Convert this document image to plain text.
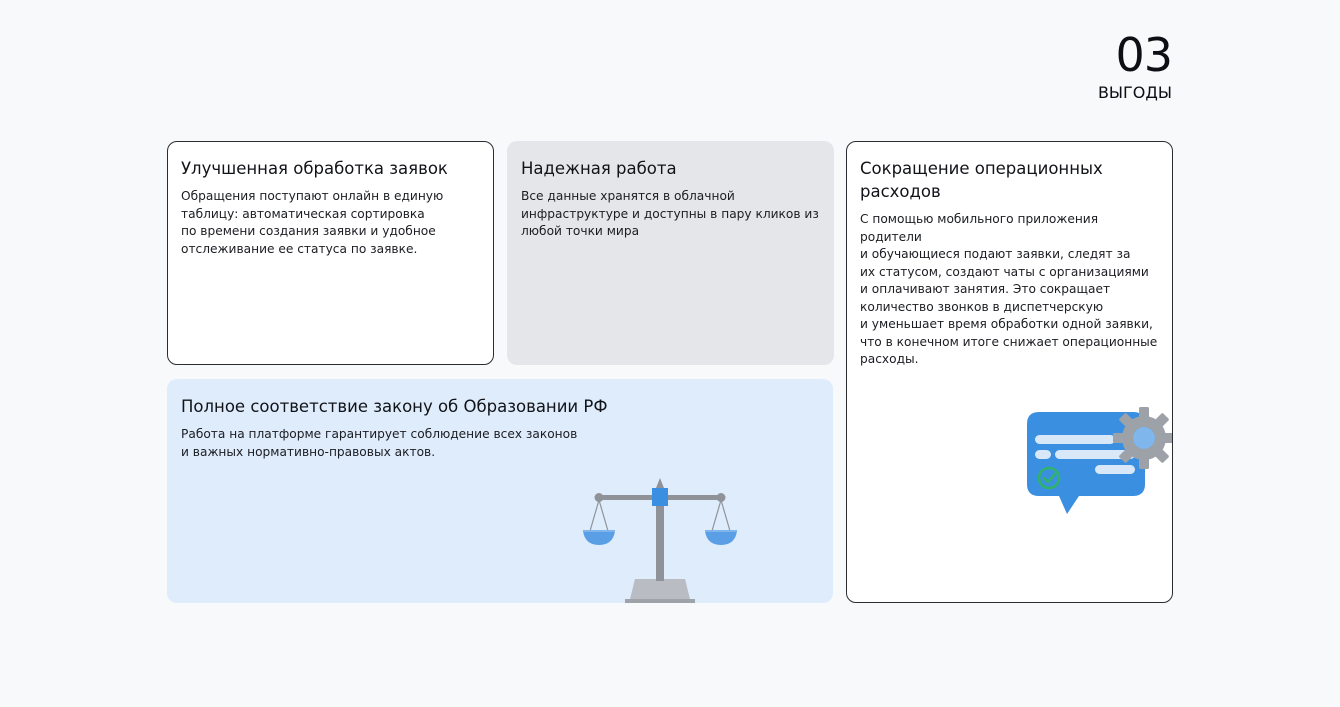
03
ВЫГОДЫ
Улучшенная обработка заявок

Обращения поступают онлайн в единую
таблицу: автоматическая сортировка
по времени создания заявки и удобное
отслеживание ее статуса по заявке.

Надежная работа

Все данные хранятся в облачной
инфраструктуре и доступны в пару кликов из
любой точки мира

Сокращение операционных
расходов

С помощью мобильного приложения родители
и обучающиеся подают заявки, следят за
их статусом, создают чаты с организациями
и оплачивают занятия. Это сокращает
количество звонков в диспетчерскую
и уменьшает время обработки одной заявки,
что в конечном итоге снижает операционные
расходы.

Полное соответствие закону об Образовании РФ

Работа на платформе гарантирует соблюдение всех законов
и важных нормативно-правовых актов.
